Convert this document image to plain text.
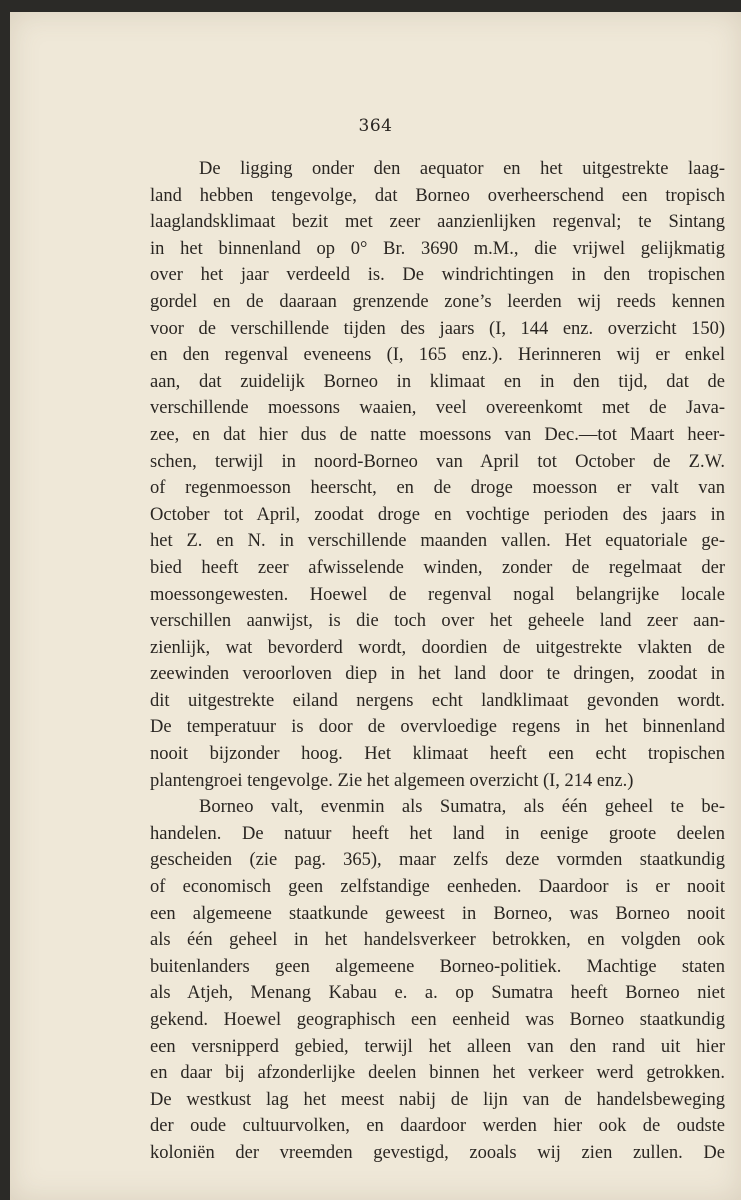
364
De ligging onder den aequator en het uitgestrekte laag-
land hebben tengevolge, dat Borneo overheerschend een tropisch
laaglandsklimaat bezit met zeer aanzienlijken regenval; te Sintang
in het binnenland op 0° Br. 3690 m.M., die vrijwel gelijkmatig
over het jaar verdeeld is. De windrichtingen in den tropischen
gordel en de daaraan grenzende zone’s leerden wij reeds kennen
voor de verschillende tijden des jaars (I, 144 enz. overzicht 150)
en den regenval eveneens (I, 165 enz.). Herinneren wij er enkel
aan, dat zuidelijk Borneo in klimaat en in den tijd, dat de
verschillende moessons waaien, veel overeenkomt met de Java-
zee, en dat hier dus de natte moessons van Dec.—tot Maart heer-
schen, terwijl in noord-Borneo van April tot October de Z.W.
of regenmoesson heerscht, en de droge moesson er valt van
October tot April, zoodat droge en vochtige perioden des jaars in
het Z. en N. in verschillende maanden vallen. Het equatoriale ge-
bied heeft zeer afwisselende winden, zonder de regelmaat der
moessongewesten. Hoewel de regenval nogal belangrijke locale
verschillen aanwijst, is die toch over het geheele land zeer aan-
zienlijk, wat bevorderd wordt, doordien de uitgestrekte vlakten de
zeewinden veroorloven diep in het land door te dringen, zoodat in
dit uitgestrekte eiland nergens echt landklimaat gevonden wordt.
De temperatuur is door de overvloedige regens in het binnenland
nooit bijzonder hoog. Het klimaat heeft een echt tropischen
plantengroei tengevolge. Zie het algemeen overzicht (I, 214 enz.)
Borneo valt, evenmin als Sumatra, als één geheel te be-
handelen. De natuur heeft het land in eenige groote deelen
gescheiden (zie pag. 365), maar zelfs deze vormden staatkundig
of economisch geen zelfstandige eenheden. Daardoor is er nooit
een algemeene staatkunde geweest in Borneo, was Borneo nooit
als één geheel in het handelsverkeer betrokken, en volgden ook
buitenlanders geen algemeene Borneo-politiek. Machtige staten
als Atjeh, Menang Kabau e. a. op Sumatra heeft Borneo niet
gekend. Hoewel geographisch een eenheid was Borneo staatkundig
een versnipperd gebied, terwijl het alleen van den rand uit hier
en daar bij afzonderlijke deelen binnen het verkeer werd getrokken.
De westkust lag het meest nabij de lijn van de handelsbeweging
der oude cultuurvolken, en daardoor werden hier ook de oudste
koloniën der vreemden gevestigd, zooals wij zien zullen. De
